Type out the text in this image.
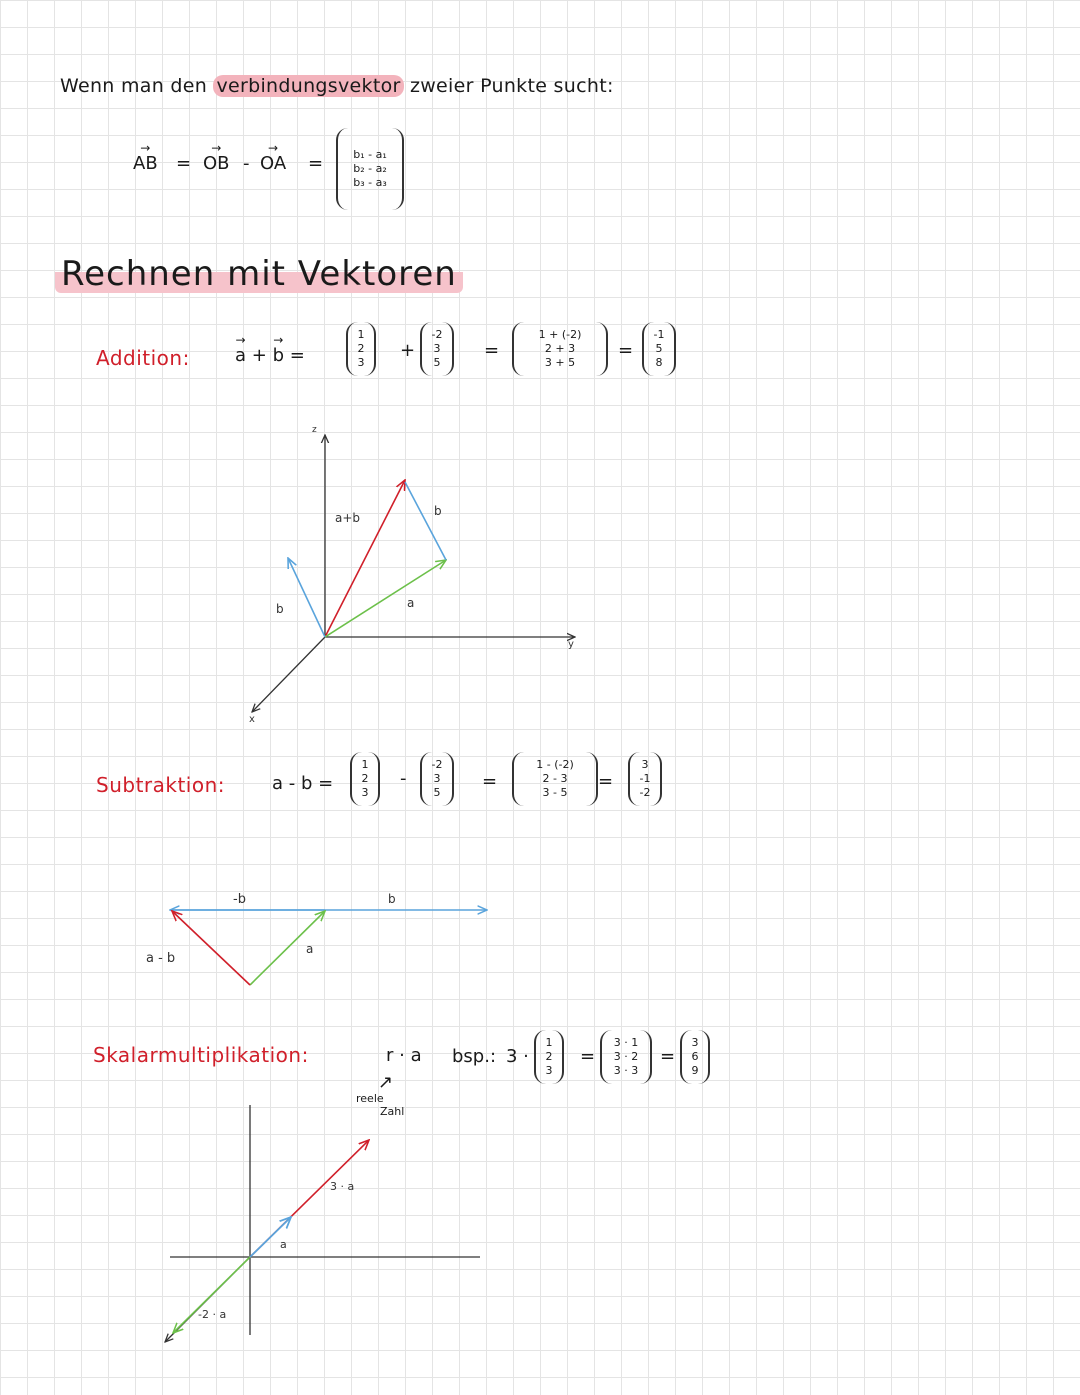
Wenn man den verbindungsvektor zweier Punkte sucht:
→ AB = → OB - → OA =	b₁ - a₁
b₂ - a₂
b₃ - a₃
Rechnen mit Vektoren
Addition:	→ a + → b =
1
2
3
+
-2
3
5
=
1 + (-2)
2 + 3
3 + 5
=
-1
5
8
Subtraktion:	a - b =
1
2
3
-
-2
3
5
=
1 - (-2)
2 - 3
3 - 5
=
3
-1
-2
Skalarmultiplikation:	r · a
↗
reele
Zahl
bsp.: 3 ·
1
2
3
=
3 · 1
3 · 2
3 · 3
=
3
6
9
z
y
x
a+b	b
a
b
-b	b
a
a - b
3 · a
a
-2 · a
